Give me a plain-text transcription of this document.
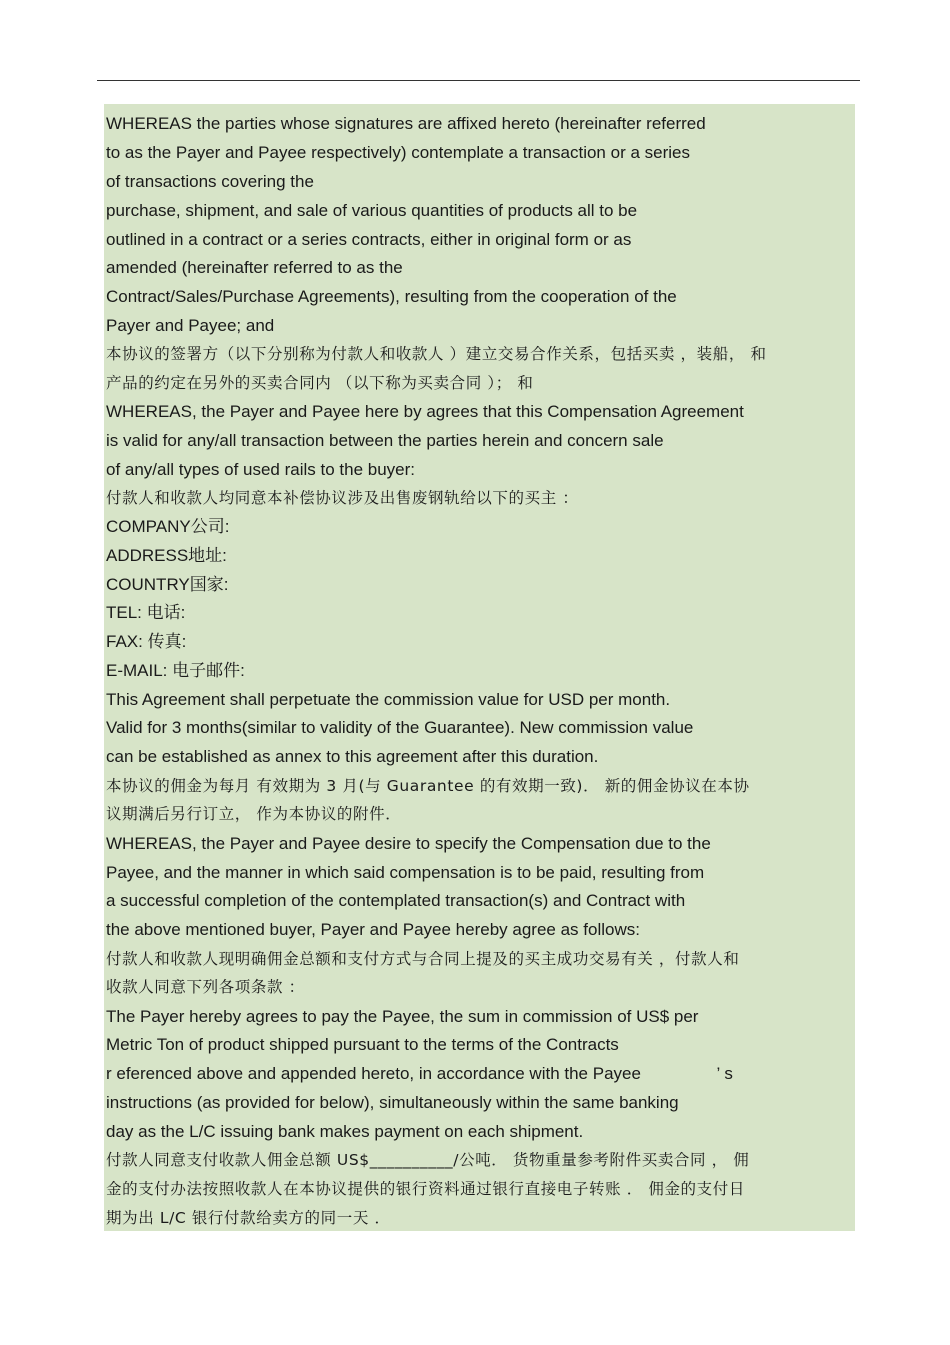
WHEREAS the parties whose signatures are affixed hereto (hereinafter referred
to as the Payer and Payee respectively) contemplate a transaction or a series
of transactions covering the
purchase, shipment, and sale of various quantities of products all to be
outlined in a contract or a series contracts, either in original form or as
amended (hereinafter referred to as the
Contract/Sales/Purchase Agreements), resulting from the cooperation of the
Payer and Payee; and
本协议的签署方（以下分别称为付款人和收款人 ）建立交易合作关系，包括买卖 ，装船， 和
产品的约定在另外的买卖合同内 （以下称为买卖合同 ）； 和
WHEREAS, the Payer and Payee here by agrees that this Compensation Agreement
is valid for any/all transaction between the parties herein and concern sale
of any/all types of used rails to the buyer:
付款人和收款人均同意本补偿协议涉及出售废钢轨给以下的买主 ：
COMPANY公司:
ADDRESS地址:
COUNTRY国家:
TEL: 电话:
FAX: 传真:
E-MAIL: 电子邮件:
This Agreement shall perpetuate the commission value for USD per month.
Valid for 3 months(similar to validity of the Guarantee). New commission value
can be established as annex to this agreement after this duration.
本协议的佣金为每月 有效期为 3 月(与 Guarantee 的有效期一致)． 新的佣金协议在本协
议期满后另行订立， 作为本协议的附件．
WHEREAS, the Payer and Payee desire to specify the Compensation due to the
Payee, and the manner in which said compensation is to be paid, resulting from
a successful completion of the contemplated transaction(s) and Contract with
the above mentioned buyer, Payer and Payee hereby agree as follows:
付款人和收款人现明确佣金总额和支付方式与合同上提及的买主成功交易有关 ，付款人和
收款人同意下列各项条款 ：
The Payer hereby agrees to pay the Payee, the sum in commission of US$ per
Metric Ton of product shipped pursuant to the terms of the Contracts
r eferenced above and appended hereto, in accordance with the Payee                ’ s
instructions (as provided for below), simultaneously within the same banking
day as the L/C issuing bank makes payment on each shipment.
付款人同意支付收款人佣金总额 US$__________/公吨． 货物重量参考附件买卖合同 ， 佣
金的支付办法按照收款人在本协议提供的银行资料通过银行直接电子转账 ． 佣金的支付日
期为出 L/C 银行付款给卖方的同一天 ．
